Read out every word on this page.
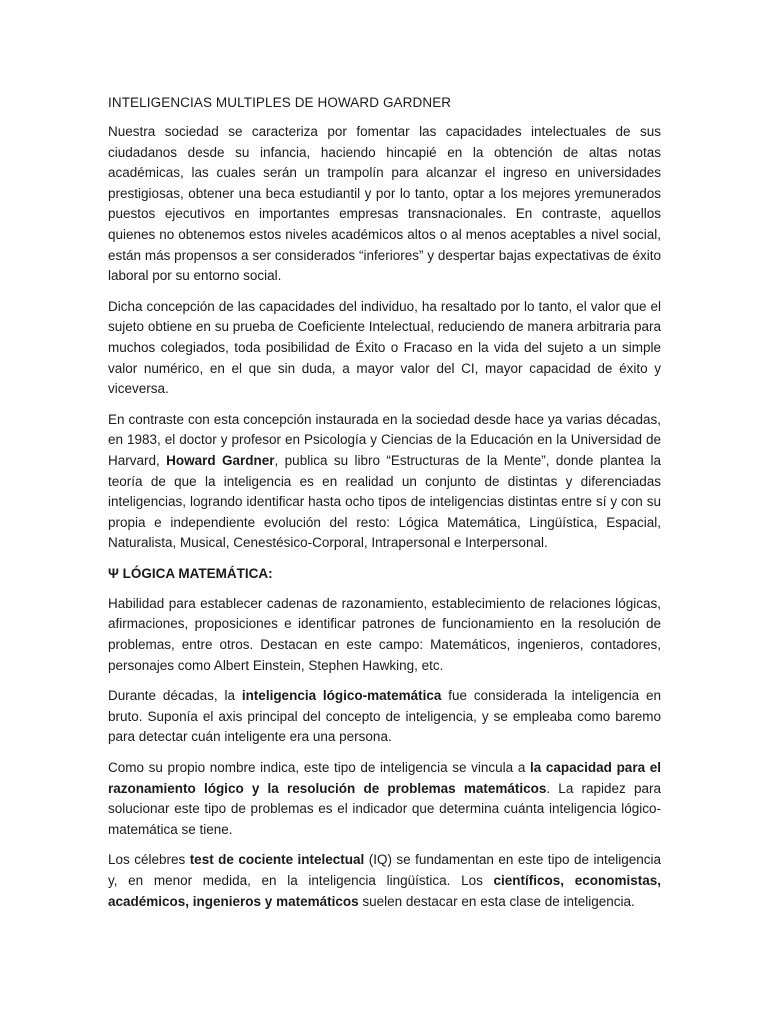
INTELIGENCIAS MULTIPLES DE HOWARD GARDNER

Nuestra sociedad se caracteriza por fomentar las capacidades intelectuales de sus ciudadanos desde su infancia, haciendo hincapié en la obtención de altas notas académicas, las cuales serán un trampolín para alcanzar el ingreso en universidades prestigiosas, obtener una beca estudiantil y por lo tanto, optar a los mejores yremunerados puestos ejecutivos en importantes empresas transnacionales. En contraste, aquellos quienes no obtenemos estos niveles académicos altos o al menos aceptables a nivel social, están más propensos a ser considerados “inferiores” y despertar bajas expectativas de éxito laboral por su entorno social.

Dicha concepción de las capacidades del individuo, ha resaltado por lo tanto, el valor que el sujeto obtiene en su prueba de Coeficiente Intelectual, reduciendo de manera arbitraria para muchos colegiados, toda posibilidad de Éxito o Fracaso en la vida del sujeto a un simple valor numérico, en el que sin duda, a mayor valor del CI, mayor capacidad de éxito y viceversa.

En contraste con esta concepción instaurada en la sociedad desde hace ya varias décadas, en 1983, el doctor y profesor en Psicología y Ciencias de la Educación en la Universidad de Harvard, Howard Gardner, publica su libro “Estructuras de la Mente”, donde plantea la teoría de que la inteligencia es en realidad un conjunto de distintas y diferenciadas inteligencias, logrando identificar hasta ocho tipos de inteligencias distintas entre sí y con su propia e independiente evolución del resto: Lógica Matemática, Lingüística, Espacial, Naturalista, Musical, Cenestésico-Corporal, Intrapersonal e Interpersonal.

Ψ LÓGICA MATEMÁTICA:

Habilidad para establecer cadenas de razonamiento, establecimiento de relaciones lógicas, afirmaciones, proposiciones e identificar patrones de funcionamiento en la resolución de problemas, entre otros. Destacan en este campo: Matemáticos, ingenieros, contadores, personajes como Albert Einstein, Stephen Hawking, etc.

Durante décadas, la inteligencia lógico-matemática fue considerada la inteligencia en bruto. Suponía el axis principal del concepto de inteligencia, y se empleaba como baremo para detectar cuán inteligente era una persona.

Como su propio nombre indica, este tipo de inteligencia se vincula a la capacidad para el razonamiento lógico y la resolución de problemas matemáticos. La rapidez para solucionar este tipo de problemas es el indicador que determina cuánta inteligencia lógico-matemática se tiene.

Los célebres test de cociente intelectual (IQ) se fundamentan en este tipo de inteligencia y, en menor medida, en la inteligencia lingüística. Los científicos, economistas, académicos, ingenieros y matemáticos suelen destacar en esta clase de inteligencia.
